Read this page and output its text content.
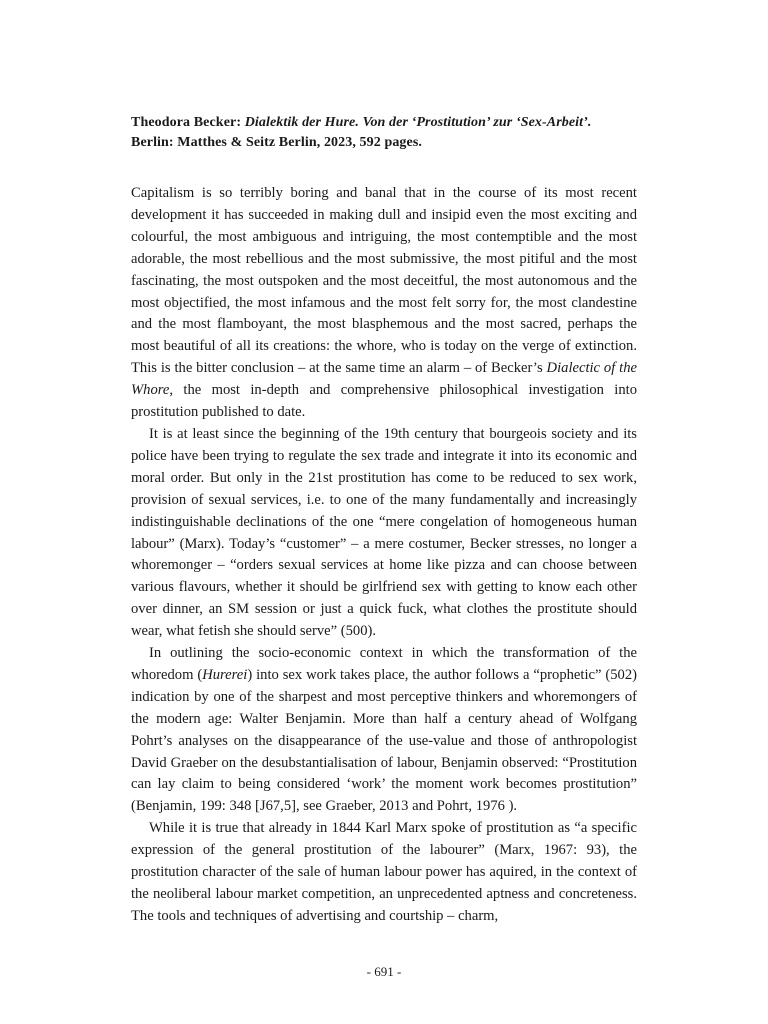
Theodora Becker: Dialektik der Hure. Von der ‘Prostitution’ zur ‘Sex-Arbeit’.
Berlin: Matthes & Seitz Berlin, 2023, 592 pages.

Capitalism is so terribly boring and banal that in the course of its most recent development it has succeeded in making dull and insipid even the most exciting and colourful, the most ambiguous and intriguing, the most contemptible and the most adorable, the most rebellious and the most submissive, the most pitiful and the most fascinating, the most outspoken and the most deceitful, the most autonomous and the most objectified, the most infamous and the most felt sorry for, the most clandestine and the most flamboyant, the most blasphemous and the most sacred, perhaps the most beautiful of all its creations: the whore, who is today on the verge of extinction. This is the bitter conclusion – at the same time an alarm – of Becker’s Dialectic of the Whore, the most in-depth and comprehensive philosophical investigation into prostitution published to date.

It is at least since the beginning of the 19th century that bourgeois society and its police have been trying to regulate the sex trade and integrate it into its economic and moral order. But only in the 21st prostitution has come to be reduced to sex work, provision of sexual services, i.e. to one of the many fundamentally and increasingly indistinguishable declinations of the one “mere congelation of homogeneous human labour” (Marx). Today’s “customer” – a mere costumer, Becker stresses, no longer a whoremonger – “orders sexual services at home like pizza and can choose between various flavours, whether it should be girlfriend sex with getting to know each other over dinner, an SM session or just a quick fuck, what clothes the prostitute should wear, what fetish she should serve” (500).

In outlining the socio-economic context in which the transformation of the whoredom (Hurerei) into sex work takes place, the author follows a “prophetic” (502) indication by one of the sharpest and most perceptive thinkers and whoremongers of the modern age: Walter Benjamin. More than half a century ahead of Wolfgang Pohrt’s analyses on the disappearance of the use-value and those of anthropologist David Graeber on the desubstantialisation of labour, Benjamin observed: “Prostitution can lay claim to being considered ‘work’ the moment work becomes prostitution” (Benjamin, 199: 348 [J67,5], see Graeber, 2013 and Pohrt, 1976 ).

While it is true that already in 1844 Karl Marx spoke of prostitution as “a specific expression of the general prostitution of the labourer” (Marx, 1967: 93), the prostitution character of the sale of human labour power has aquired, in the context of the neoliberal labour market competition, an unprecedented aptness and concreteness. The tools and techniques of advertising and courtship – charm,

- 691 -
